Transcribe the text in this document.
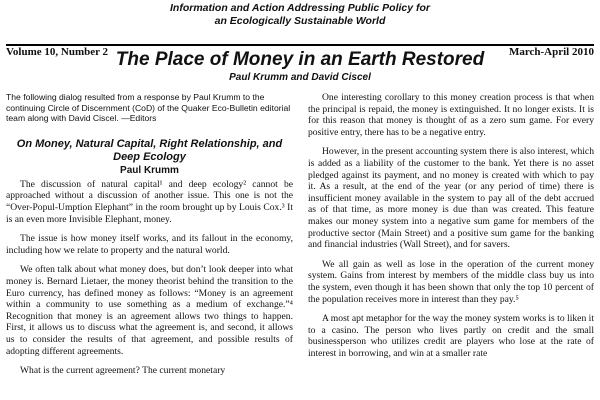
Information and Action Addressing Public Policy for

an Ecologically Sustainable World

Volume 10, Number 2	March-April 2010
The Place of Money in an Earth Restored
Paul Krumm and David Ciscel

The following dialog resulted from a response by Paul Krumm to the continuing Circle of Discernment (CoD) of the Quaker Eco-Bulletin editorial team along with David Ciscel. —Editors

On Money, Natural Capital, Right Relationship, and Deep Ecology

Paul Krumm

The discussion of natural capital¹ and deep ecology² cannot be approached without a discussion of another issue. This one is not the “Over-Popul-Umption Elephant” in the room brought up by Louis Cox.³ It is an even more Invisible Elephant, money.

The issue is how money itself works, and its fallout in the economy, including how we relate to property and the natural world.

We often talk about what money does, but don’t look deeper into what money is. Bernard Lietaer, the money theorist behind the transition to the Euro currency, has defined money as follows: “Money is an agreement within a community to use something as a medium of exchange.”⁴ Recognition that money is an agreement allows two things to happen. First, it allows us to discuss what the agreement is, and second, it allows us to consider the results of that agreement, and possible results of adopting different agreements.

What is the current agreement? The current monetary

One interesting corollary to this money creation process is that when the principal is repaid, the money is extinguished. It no longer exists. It is for this reason that money is thought of as a zero sum game. For every positive entry, there has to be a negative entry.

However, in the present accounting system there is also interest, which is added as a liability of the customer to the bank. Yet there is no asset pledged against its payment, and no money is created with which to pay it. As a result, at the end of the year (or any period of time) there is insufficient money available in the system to pay all of the debt accrued as of that time, as more money is due than was created. This feature makes our money system into a negative sum game for members of the productive sector (Main Street) and a positive sum game for the banking and financial industries (Wall Street), and for savers.

We all gain as well as lose in the operation of the current money system. Gains from interest by members of the middle class buy us into the system, even though it has been shown that only the top 10 percent of the population receives more in interest than they pay.⁵

A most apt metaphor for the way the money system works is to liken it to a casino. The person who lives partly on credit and the small businessperson who utilizes credit are players who lose at the rate of interest in borrowing, and win at a smaller rate
